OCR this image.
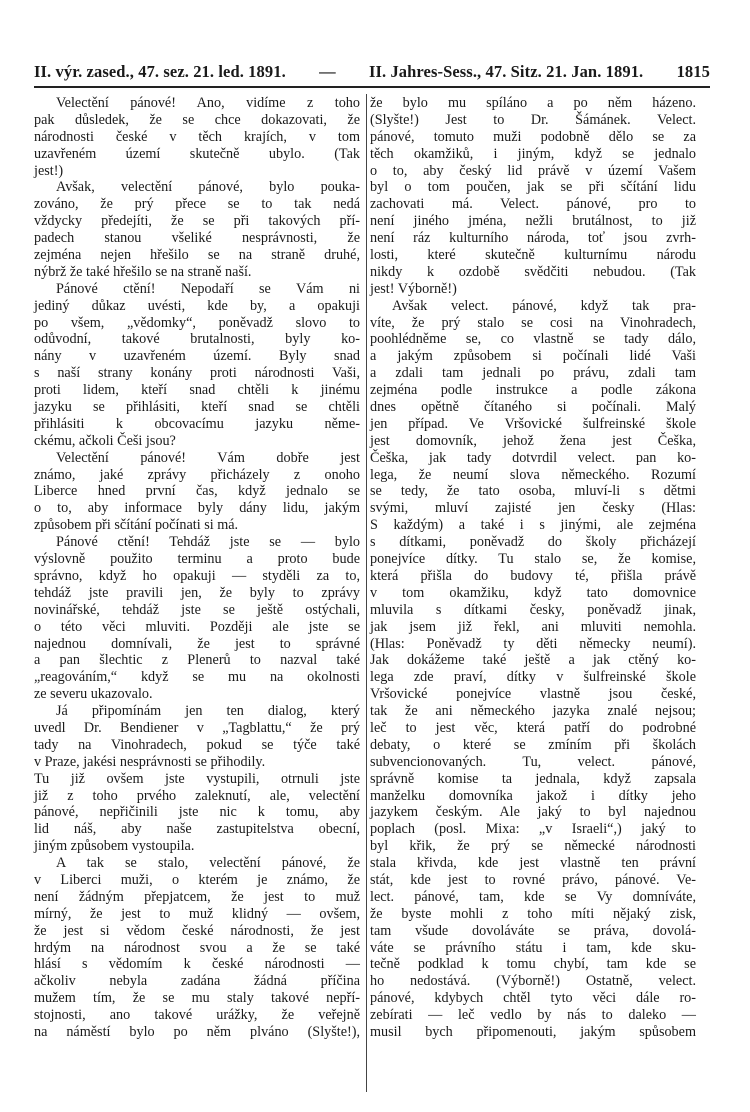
II. výr. zased., 47. sez. 21. led. 1891. — II. Jahres-Sess., 47. Sitz. 21. Jan. 1891. 1815
Velectění pánové! Ano, vidíme z toho
pak důsledek, že se chce dokazovati, že
národnosti české v těch krajích, v tom
uzavřeném území skutečně ubylo. (Tak
jest!)
Avšak, velectění pánové, bylo poukа-
zováno, že prý přece se to tak nedá
vždycky předejíti, že se při takových pří-
padech stanou všeliké nesprávnosti, že
zejména nejen hřešilo se na straně druhé,
nýbrž že také hřešilo se na straně naší.
Pánové ctění! Nepodaří se Vám ni
jediný důkaz uvésti, kde by, a opakuji
po všem, „vědomky“, poněvadž slovo to
odůvodní, takové brutalnosti, byly ko-
nány v uzavřeném území. Byly snad
s naší strany konány proti národnosti Vaši,
proti lidem, kteří snad chtěli k jinému
jazyku se přihlásiti, kteří snad se chtěli
přihlásiti k obcovacímu jazyku něme-
ckému, ačkoli Češi jsou?
Velectění pánové! Vám dobře jest
známo, jaké zprávy přicházely z onoho
Liberce hned první čas, když jednalo se
o to, aby informace byly dány lidu, jakým
způsobem při sčítání počínati si má.
Pánové ctění! Tehdáž jste se — bylo
výslovně použito terminu a proto bude
správno, když ho opakuji — styděli za to,
tehdáž jste pravili jen, že byly to zprávy
novinářské, tehdáž jste se ještě ostýchali,
o této věci mluviti. Později ale jste se
najednou domnívali, že jest to správné
a pan šlechtic z Plenerů to nazval také
„reagováním,“ když se mu na okolnosti
ze severu ukazovalo.
Já připomínám jen ten dialog, který
uvedl Dr. Bendiener v „Tagblattu,“ že prý
tady na Vinohradech, pokud se týče také
v Praze, jakési nesprávnosti se přihodily.
Tu již ovšem jste vystupili, otrnuli jste
již z toho prvého zaleknutí, ale, velectění
pánové, nepřičinili jste nic k tomu, aby
lid náš, aby naše zastupitelstva obecní,
jiným způsobem vystoupila.
A tak se stalo, velectění pánové, že
v Liberci muži, o kterém je známo, že
není žádným přepjatcem, že jest to muž
mírný, že jest to muž klidný — ovšem,
že jest si vědom české národnosti, že jest
hrdým na národnost svou a že se také
hlásí s vědomím k české národnosti —
ačkoliv nebyla zadána žádná příčina
mužem tím, že se mu staly takové nepří-
stojnosti, ano takové urážky, že veřejně
na náměstí bylo po něm plváno (Slyšte!),
že bylo mu spíláno a po něm házeno.
(Slyšte!) Jest to Dr. Šámánek. Velect.
pánové, tomuto muži podobně dělo se za
těch okamžiků, i jiným, když se jednalo
o to, aby český lid právě v území Vašem
byl o tom poučen, jak se při sčítání lidu
zachovati má. Velect. pánové, pro to
není jiného jména, nežli brutálnost, to již
není ráz kulturního národa, toť jsou zvrh-
losti, které skutečně kulturnímu národu
nikdy k ozdobě svědčiti nebudou. (Tak
jest! Výborně!)
Avšak velect. pánové, když tak pra-
víte, že prý stalo se cosi na Vinohradech,
poohlédněme se, co vlastně se tady dálo,
a jakým způsobem si počínali lidé Vaši
a zdali tam jednali po právu, zdali tam
zejména podle instrukce a podle zákona
dnes opětně čítaného si počínali. Malý
jen případ. Ve Vršovické šulfreinské škole
jest domovník, jehož žena jest Češka,
Češka, jak tady dotvrdil velect. pan ko-
lega, že neumí slova německého. Rozumí
se tedy, že tato osoba, mluví-li s dětmi
svými, mluví zajisté jen česky (Hlas:
S každým) a také i s jinými, ale zejména
s dítkami, poněvadž do školy přicházejí
ponejvíce dítky. Tu stalo se, že komise,
která přišla do budovy té, přišla právě
v tom okamžiku, když tato domovnice
mluvila s dítkami česky, poněvadž jinak,
jak jsem již řekl, ani mluviti nemohla.
(Hlas: Poněvadž ty děti německy neumí).
Jak dokážeme také ještě a jak ctěný ko-
lega zde praví, dítky v šulfreinské škole
Vršovické ponejvíce vlastně jsou české,
tak že ani německého jazyka znalé nejsou;
leč to jest věc, která patří do podrobné
debaty, o které se zmíním při školách
subvencionovaných. Tu, velect. pánové,
správně komise ta jednala, když zapsala
manželku domovníka jakož i dítky jeho
jazykem českým. Ale jaký to byl najednou
poplach (posl. Mixa: „v Israeli“,) jaký to
byl křik, že prý se německé národnosti
stala křivda, kde jest vlastně ten právní
stát, kde jest to rovné právo, pánové. Ve-
lect. pánové, tam, kde se Vy domníváte,
že byste mohli z toho míti nějaký zisk,
tam všude dovoláváte se práva, dovolá-
váte se právního státu i tam, kde sku-
tečně podklad k tomu chybí, tam kde se
ho nedostává. (Výborně!) Ostatně, velect.
pánové, kdybych chtěl tyto věci dále ro-
zebírati — leč vedlo by nás to daleko —
musil bych připomenouti, jakým spůsobem
